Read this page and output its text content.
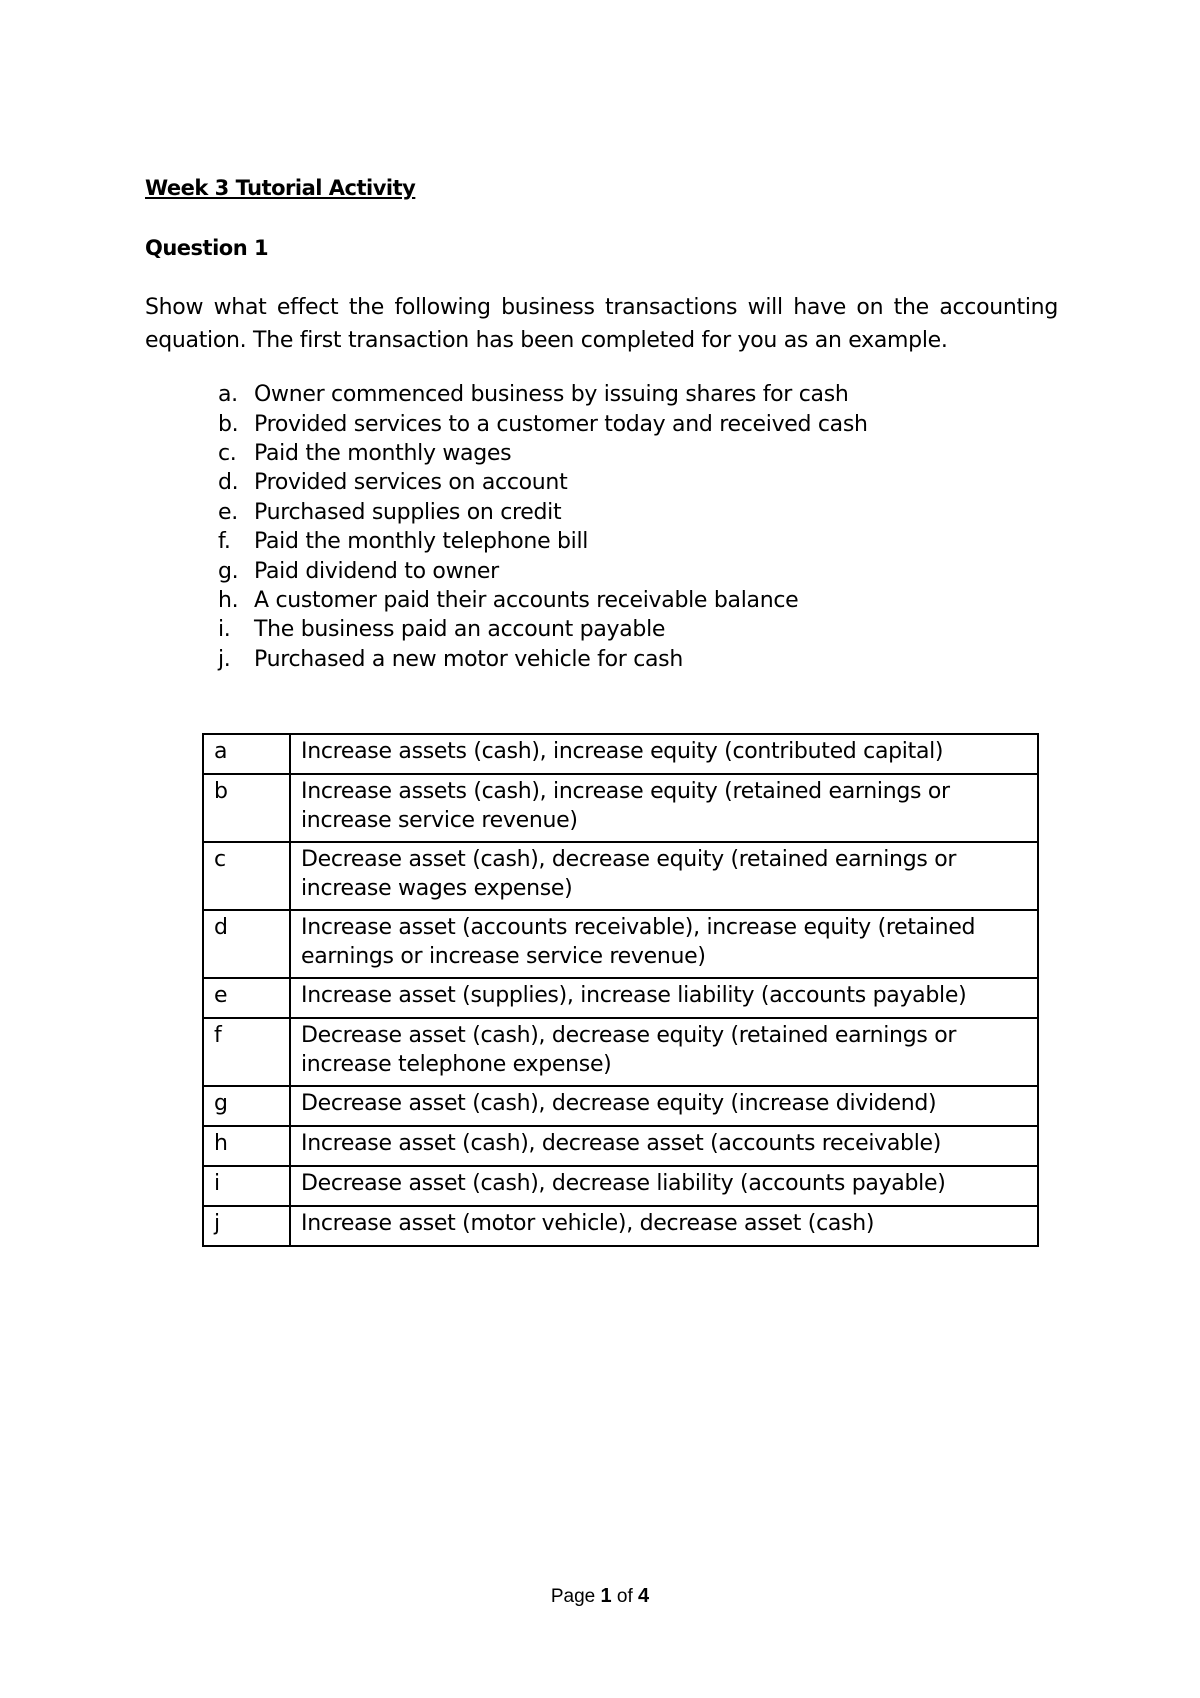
Week 3 Tutorial Activity
Question 1
Show what effect the following business transactions will have on the accounting equation. The first transaction has been completed for you as an example.
a. Owner commenced business by issuing shares for cash
b. Provided services to a customer today and received cash
c. Paid the monthly wages
d. Provided services on account
e. Purchased supplies on credit
f.	Paid the monthly telephone bill
g. Paid dividend to owner
h. A customer paid their accounts receivable balance
i.	The business paid an account payable
j.	Purchased a new motor vehicle for cash
a	Increase assets (cash), increase equity (contributed capital)
b	Increase assets (cash), increase equity (retained earnings or increase service revenue)
c	Decrease asset (cash), decrease equity (retained earnings or increase wages expense)
d	Increase asset (accounts receivable), increase equity (retained earnings or increase service revenue)
e	Increase asset (supplies), increase liability (accounts payable)
f	Decrease asset (cash), decrease equity (retained earnings or increase telephone expense)
g	Decrease asset (cash), decrease equity (increase dividend)
h	Increase asset (cash), decrease asset (accounts receivable)
i	Decrease asset (cash), decrease liability (accounts payable)
j	Increase asset (motor vehicle), decrease asset (cash)
Page 1 of 4
